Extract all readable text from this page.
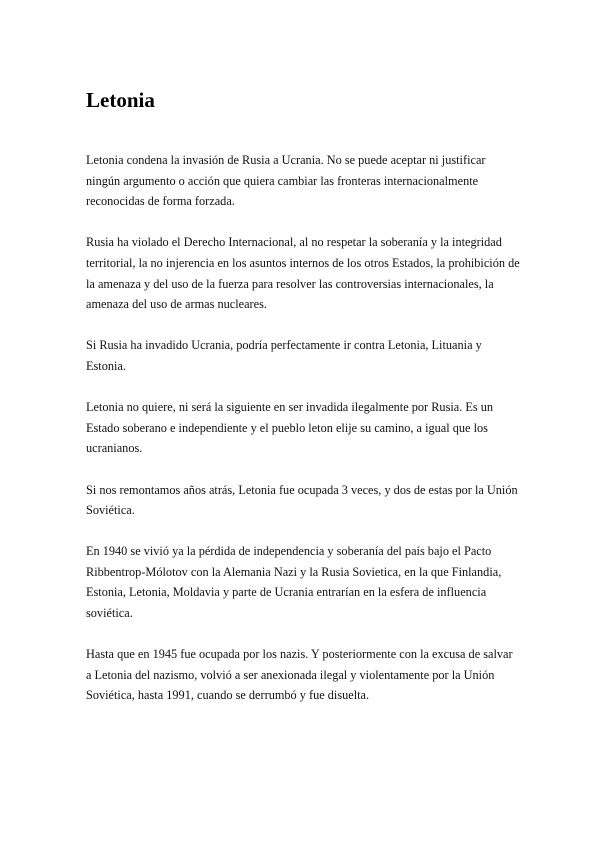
Letonia

Letonia condena la invasión de Rusia a Ucrania. No se puede aceptar ni justificar
ningún argumento o acción que quiera cambiar las fronteras internacionalmente
reconocidas de forma forzada.

Rusia ha violado el Derecho Internacional, al no respetar la soberanía y la integridad
territorial, la no injerencia en los asuntos internos de los otros Estados, la prohibición de
la amenaza y del uso de la fuerza para resolver las controversias internacionales, la
amenaza del uso de armas nucleares.

Si Rusia ha invadido Ucrania, podría perfectamente ir contra Letonia, Lituania y
Estonia.

Letonia no quiere, ni será la siguiente en ser invadida ilegalmente por Rusia. Es un
Estado soberano e independiente y el pueblo leton elije su camino, a igual que los
ucranianos.

Si nos remontamos años atrás, Letonia fue ocupada 3 veces, y dos de estas por la Unión
Soviética.

En 1940 se vivió ya la pérdida de independencia y soberanía del país bajo el Pacto
Ribbentrop-Mólotov con la Alemania Nazi y la Rusia Sovietica, en la que Finlandia,
Estonia, Letonia, Moldavia y parte de Ucrania entrarían en la esfera de influencia
soviética.

Hasta que en 1945 fue ocupada por los nazis. Y posteriormente con la excusa de salvar
a Letonia del nazismo, volvió a ser anexionada ilegal y violentamente por la Unión
Soviética, hasta 1991, cuando se derrumbó y fue disuelta.
